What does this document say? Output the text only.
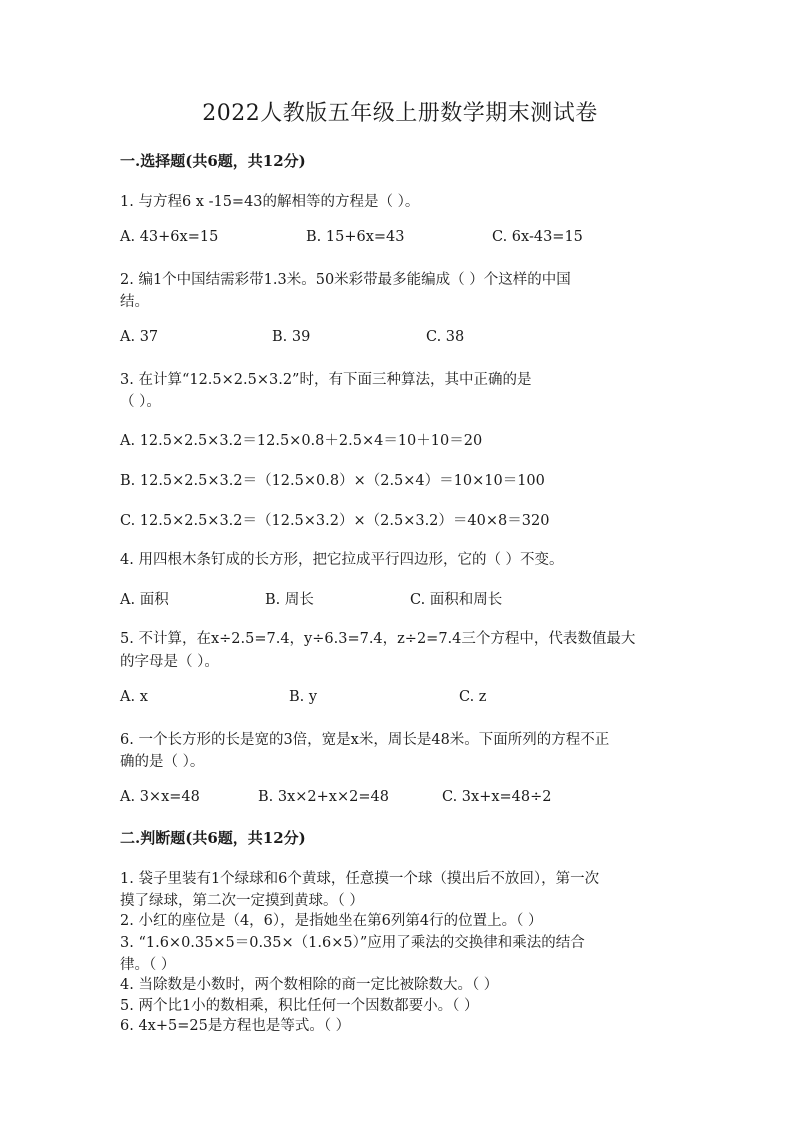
2022人教版五年级上册数学期末测试卷
一.选择题(共6题，共12分)
1. 与方程6 x -15=43的解相等的方程是（ ）。
A. 43+6x=15	B. 15+6x=43	C. 6x-43=15
2. 编1个中国结需彩带1.3米。50米彩带最多能编成（ ）个这样的中国
结。
A. 37	B. 39	C. 38
3. 在计算“12.5×2.5×3.2”时，有下面三种算法，其中正确的是
（ ）。
A. 12.5×2.5×3.2＝12.5×0.8＋2.5×4＝10＋10＝20
B. 12.5×2.5×3.2＝（12.5×0.8）×（2.5×4）＝10×10＝100
C. 12.5×2.5×3.2＝（12.5×3.2）×（2.5×3.2）＝40×8＝320
4. 用四根木条钉成的长方形，把它拉成平行四边形，它的（ ）不变。
A. 面积	B. 周长	C. 面积和周长
5. 不计算，在x÷2.5=7.4，y÷6.3=7.4，z÷2=7.4三个方程中，代表数值最大
的字母是（ ）。
A. x	B. y	C. z
6. 一个长方形的长是宽的3倍，宽是x米，周长是48米。下面所列的方程不正
确的是（ ）。
A. 3×x=48	B. 3x×2+x×2=48	C. 3x+x=48÷2
二.判断题(共6题，共12分)
1. 袋子里装有1个绿球和6个黄球，任意摸一个球（摸出后不放回），第一次
摸了绿球，第二次一定摸到黄球。（ ）
2. 小红的座位是（4，6），是指她坐在第6列第4行的位置上。（ ）
3. “1.6×0.35×5＝0.35×（1.6×5）”应用了乘法的交换律和乘法的结合
律。（ ）
4. 当除数是小数时，两个数相除的商一定比被除数大。（ ）
5. 两个比1小的数相乘，积比任何一个因数都要小。（ ）
6. 4x+5=25是方程也是等式。（ ）
